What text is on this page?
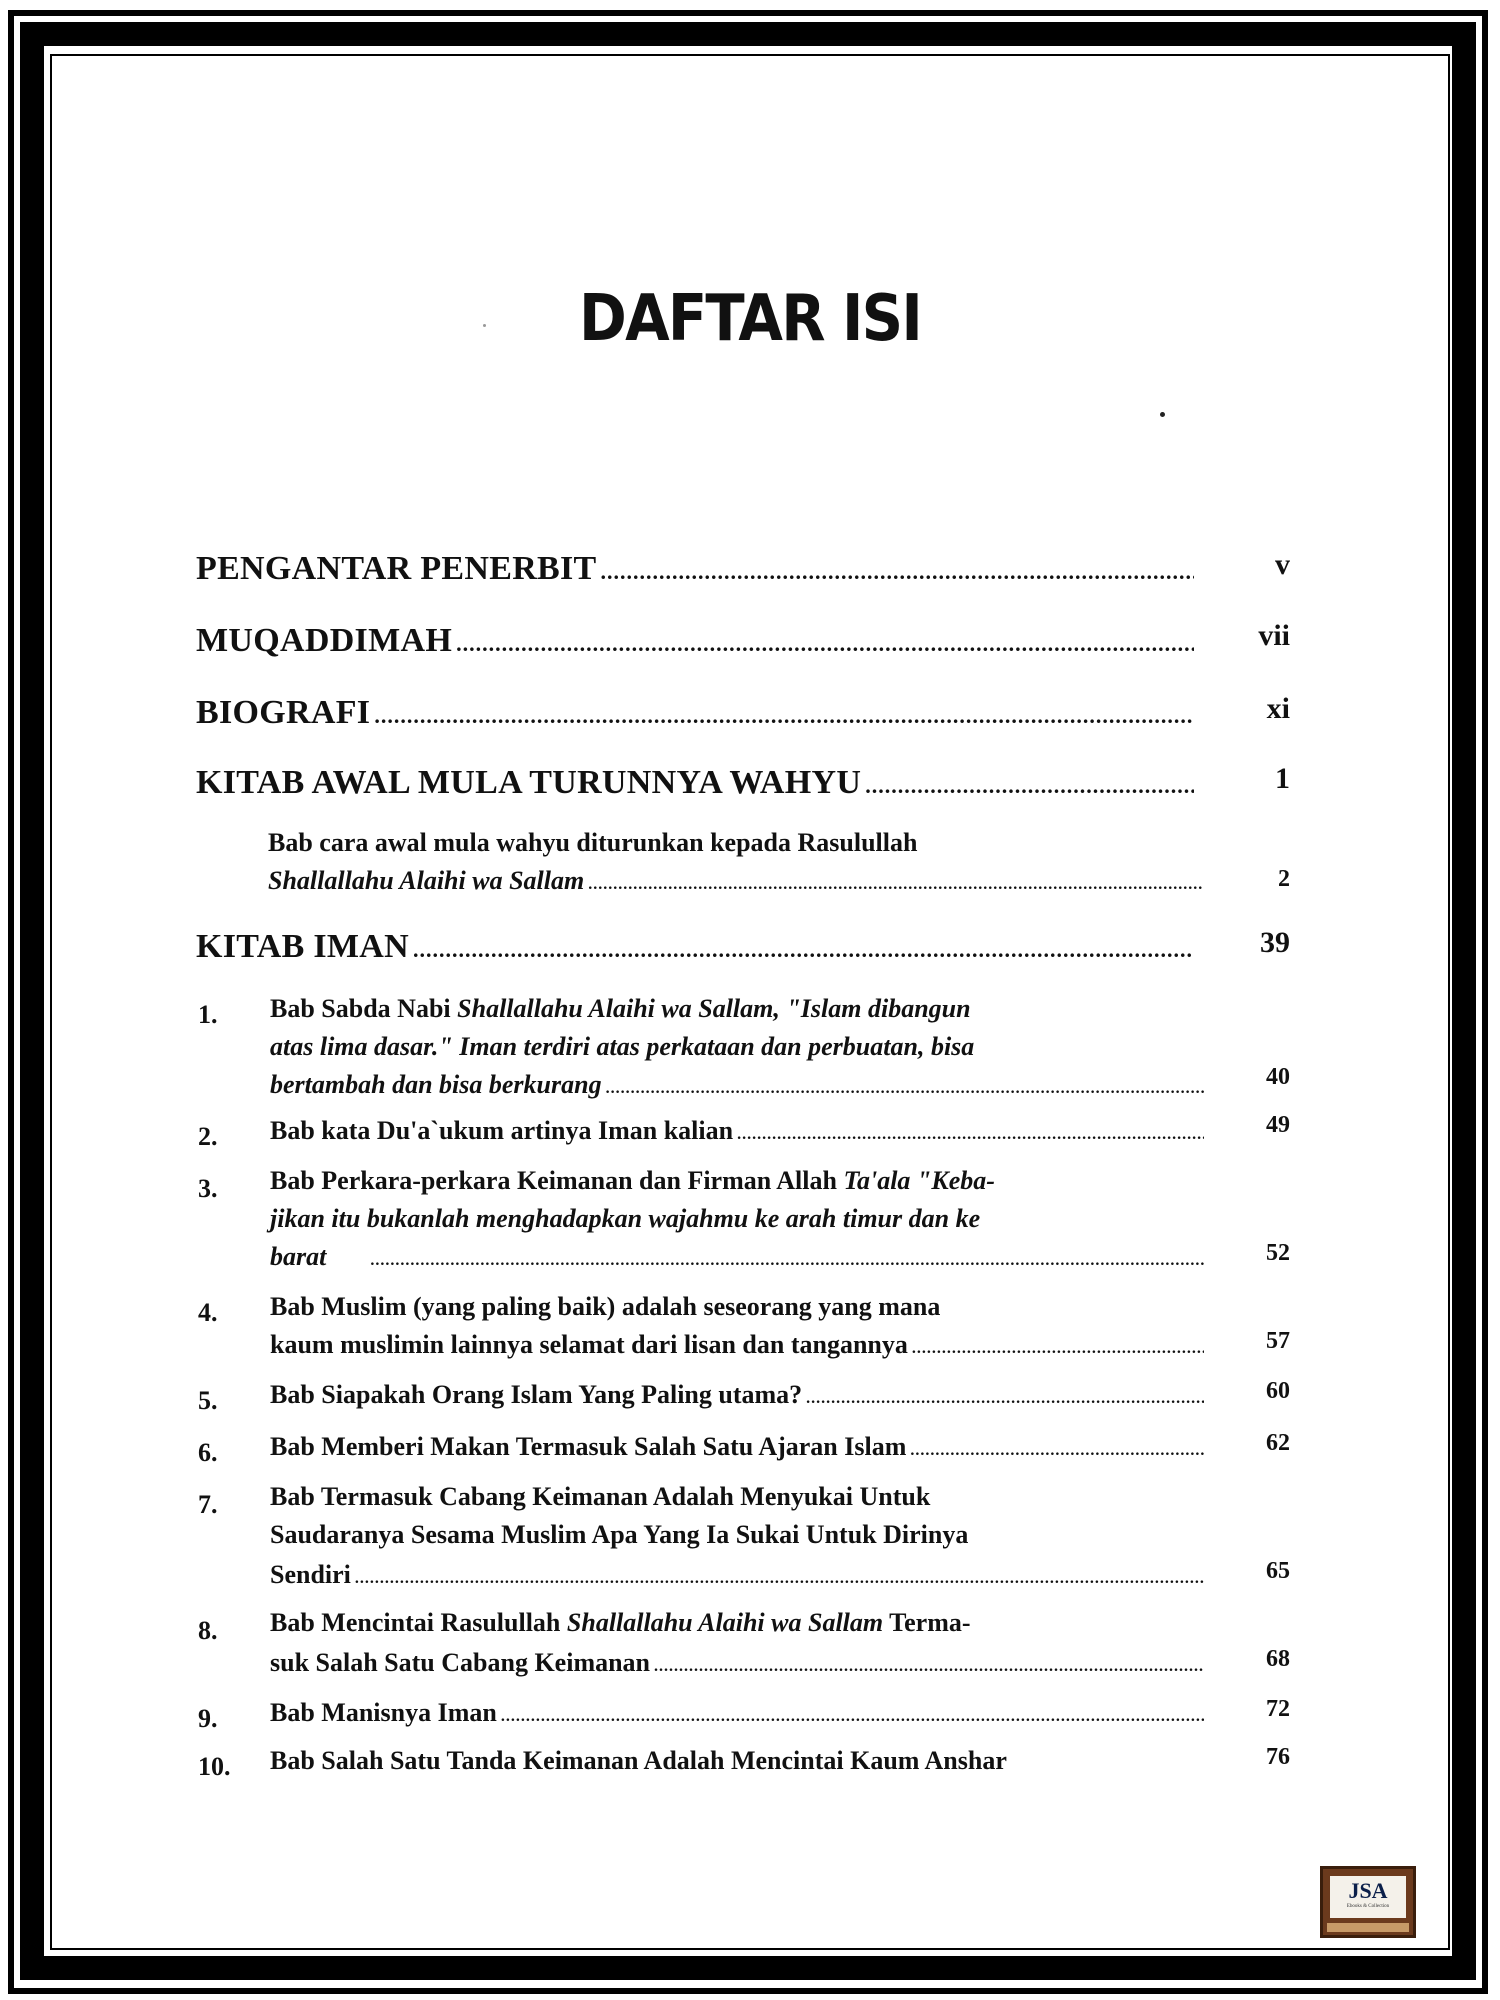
DAFTAR ISI
PENGANTAR PENERBIT .....	v
MUQADDIMAH .....	vii
BIOGRAFI .....	xi
KITAB AWAL MULA TURUNNYA WAHYU .....	1
Bab cara awal mula wahyu diturunkan kepada Rasulullah
Shallallahu Alaihi wa Sallam .....	2
KITAB IMAN .....	39
1. Bab Sabda Nabi Shallallahu Alaihi wa Sallam, "Islam dibangun
atas lima dasar." Iman terdiri atas perkataan dan perbuatan, bisa
bertambah dan bisa berkurang .....	40
2. Bab kata Du'a`ukum artinya Iman kalian .....	49
3. Bab Perkara-perkara Keimanan dan Firman Allah Ta'ala "Keba-
jikan itu bukanlah menghadapkan wajahmu ke arah timur dan ke
barat .....	52
4. Bab Muslim (yang paling baik) adalah seseorang yang mana
kaum muslimin lainnya selamat dari lisan dan tangannya .....	57
5. Bab Siapakah Orang Islam Yang Paling utama? .....	60
6. Bab Memberi Makan Termasuk Salah Satu Ajaran Islam .....	62
7. Bab Termasuk Cabang Keimanan Adalah Menyukai Untuk
Saudaranya Sesama Muslim Apa Yang Ia Sukai Untuk Dirinya
Sendiri .....	65
8. Bab Mencintai Rasulullah Shallallahu Alaihi wa Sallam Terma-
suk Salah Satu Cabang Keimanan .....	68
9. Bab Manisnya Iman .....	72
10. Bab Salah Satu Tanda Keimanan Adalah Mencintai Kaum Anshar	76
JSA
Ebooks & Collection
